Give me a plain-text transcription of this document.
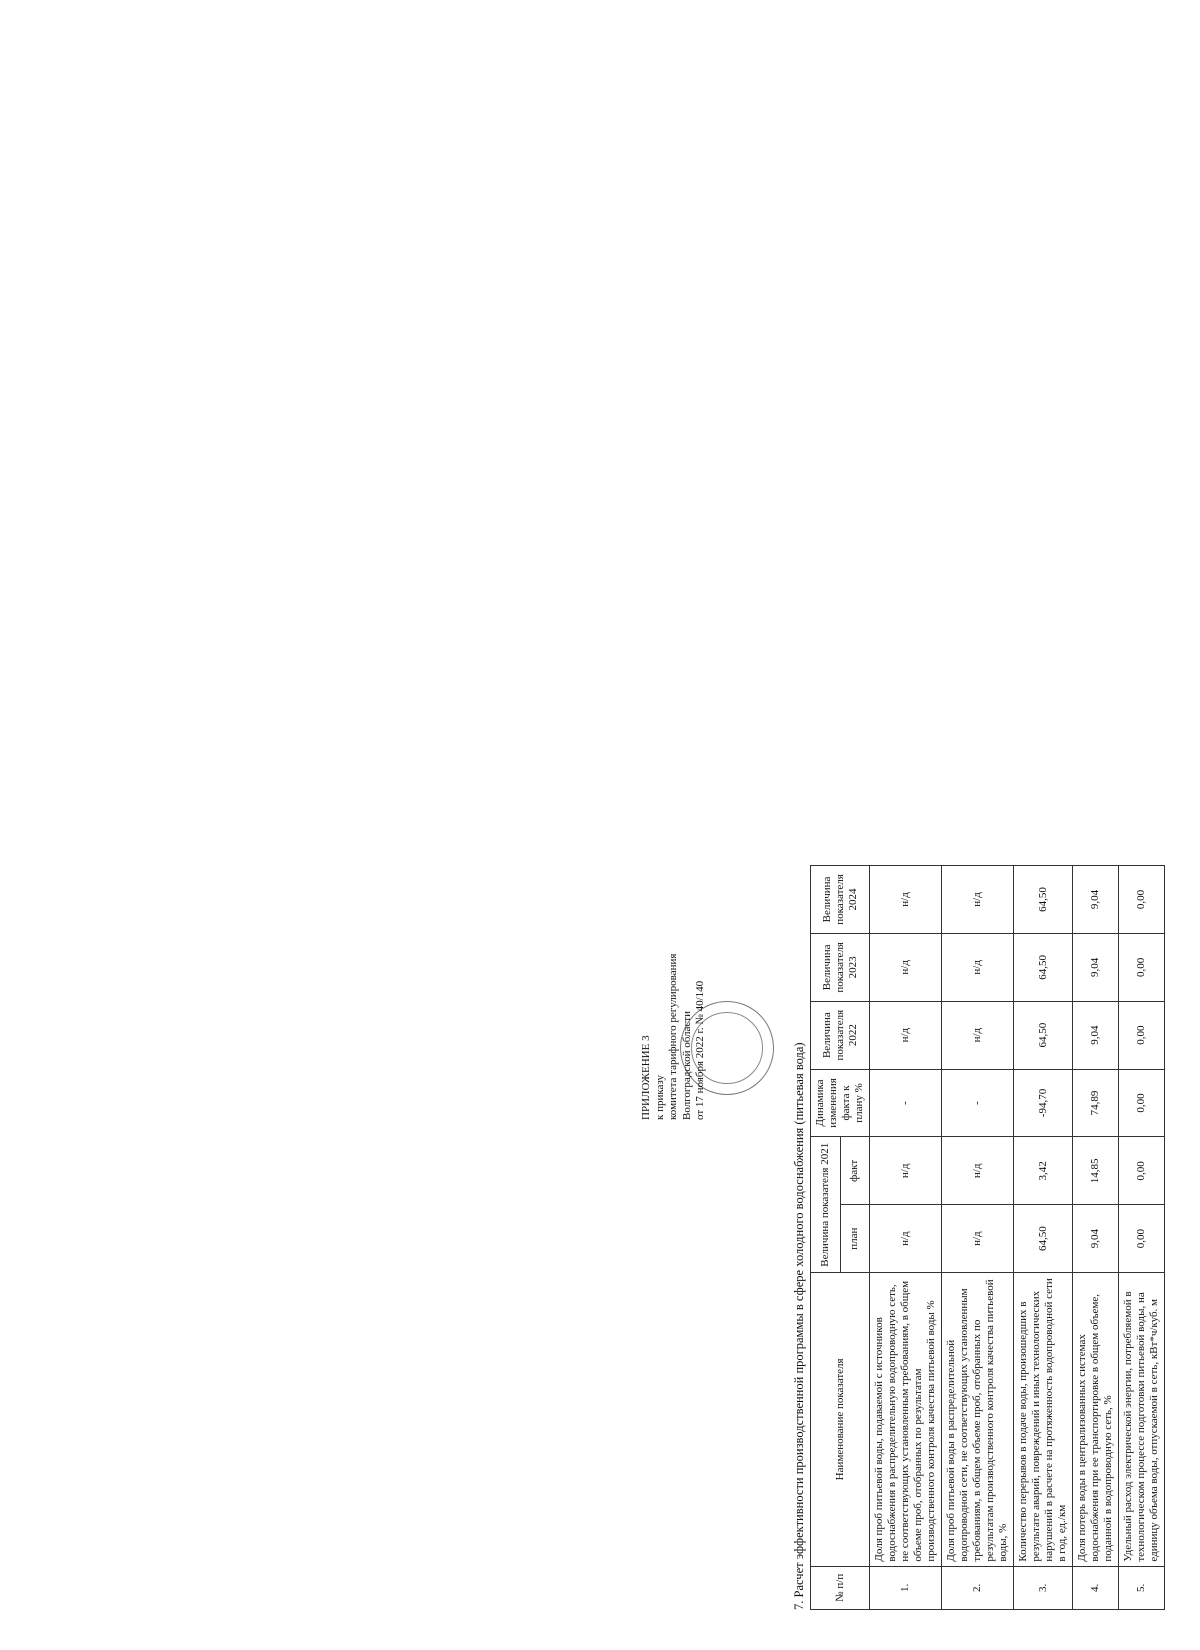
ПРИЛОЖЕНИЕ 3 к приказу комитета тарифного регулирования Волгоградской области от 17 ноября 2022 г. № 40/140	7. Расчет эффективности производственной программы в сфере холодного водоснабжения (питьевая вода)	№ п/п	Наименование показателя	Величина показателя 2021		Динамика изменения факта к плану %	Величина показателя 2022	Величина показателя 2023	Величина показателя 2024
		план	факт				
1.	Доля проб питьевой воды, подаваемой с источников водоснабжения в распределительную водопроводную сеть, не соответствующих установленным требованиям, в общем объеме проб, отобранных по результатам производственного контроля качества питьевой воды %	н/д	н/д	-	н/д	н/д	н/д
2.	Доля проб питьевой воды в распределительной водопроводной сети, не соответствующих установленным требованиям, в общем объеме проб, отобранных по результатам производственного контроля качества питьевой воды, %	н/д	н/д	-	н/д	н/д	н/д
3.	Количество перерывов в подаче воды, произошедших в результате аварий, повреждений и иных технологических нарушений в расчете на протяженность водопроводной сети в год, ед./км	64,50	3,42	-94,70	64,50	64,50	64,50
4.	Доля потерь воды в централизованных системах водоснабжения при ее транспортировке в общем объеме, поданной в водопроводную сеть, %	9,04	14,85	74,89	9,04	9,04	9,04
5.	Удельный расход электрической энергии, потребляемой в технологическом процессе подготовки питьевой воды, на единицу объема воды, отпускаемой в сеть, кВт*ч/куб. м	0,00	0,00	0,00	0,00	0,00	0,00
